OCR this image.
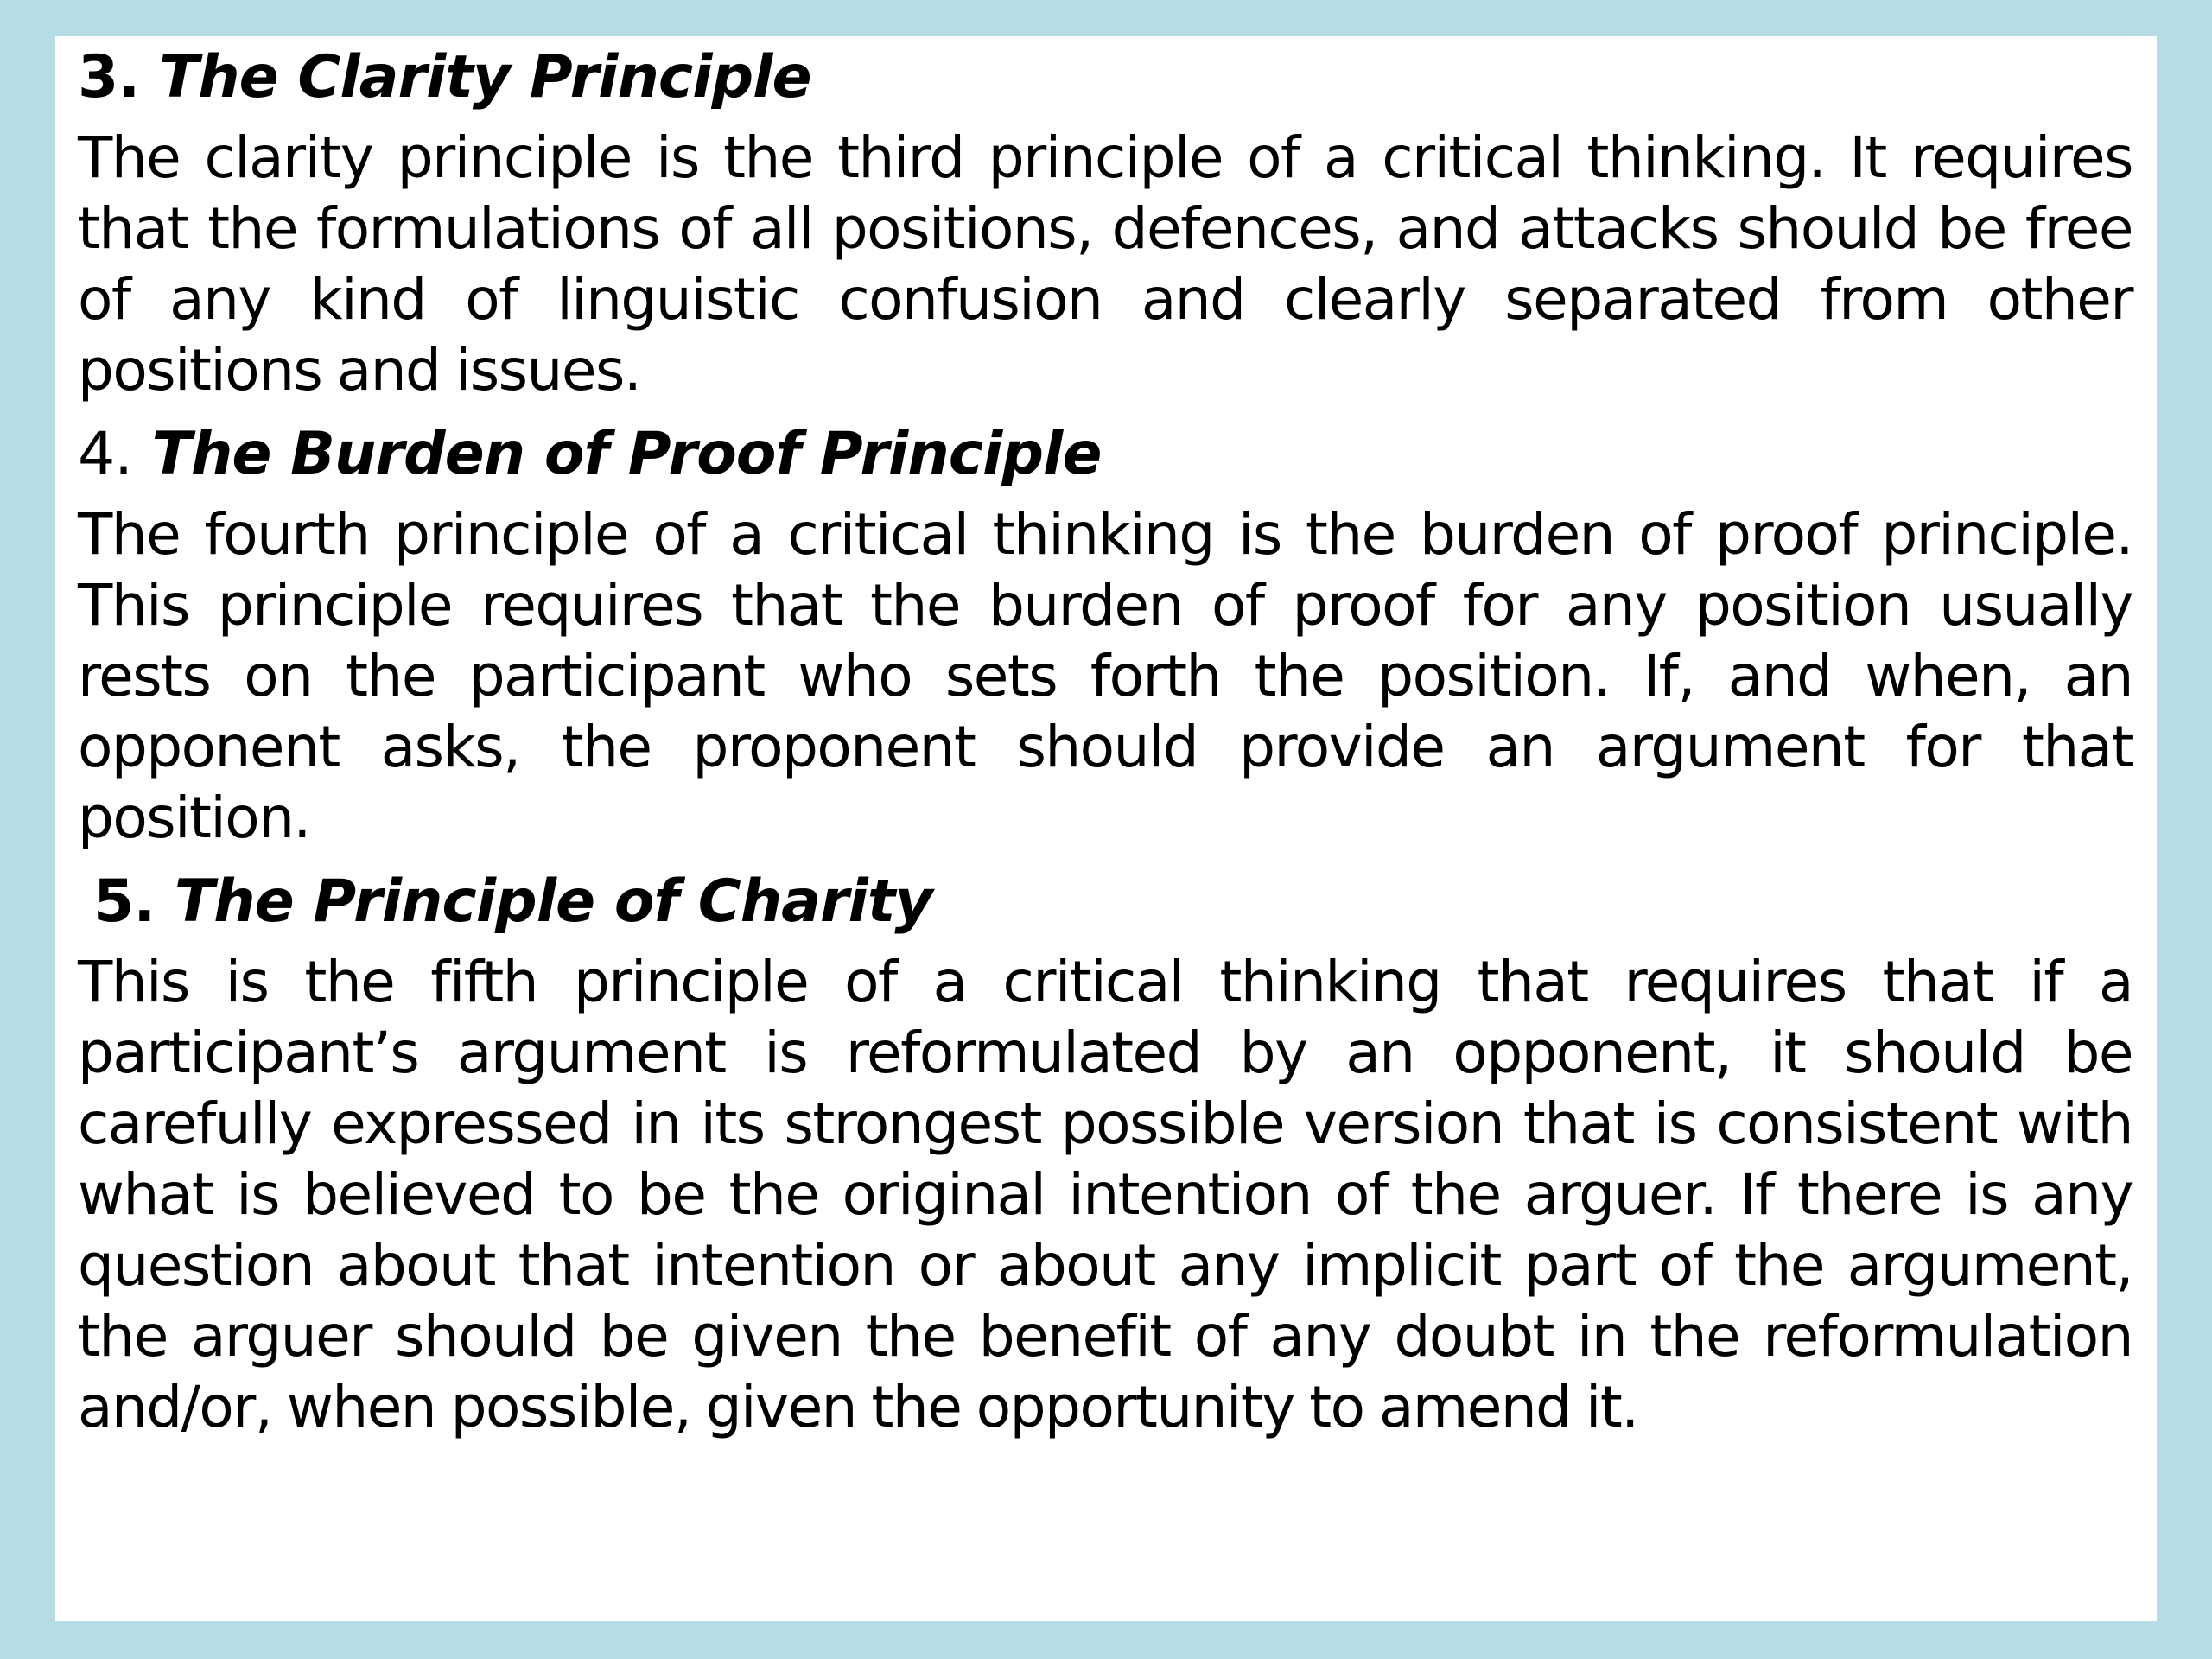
3. The Clarity Principle

The clarity principle is the third principle of a critical thinking. It requires that the formulations of all positions, defences, and attacks should be free of any kind of linguistic confusion and clearly separated from other positions and issues.

4. The Burden of Proof Principle

The fourth principle of a critical thinking is the burden of proof principle. This principle requires that the burden of proof for any position usually rests on the participant who sets forth the position. If, and when, an opponent asks, the proponent should provide an argument for that position.

5. The Principle of Charity

This is the fifth principle of a critical thinking that requires that if a participant’s argument is reformulated by an opponent, it should be carefully expressed in its strongest possible version that is consistent with what is believed to be the original intention of the arguer. If there is any question about that intention or about any implicit part of the argument, the arguer should be given the benefit of any doubt in the reformulation and/or, when possible, given the opportunity to amend it.
